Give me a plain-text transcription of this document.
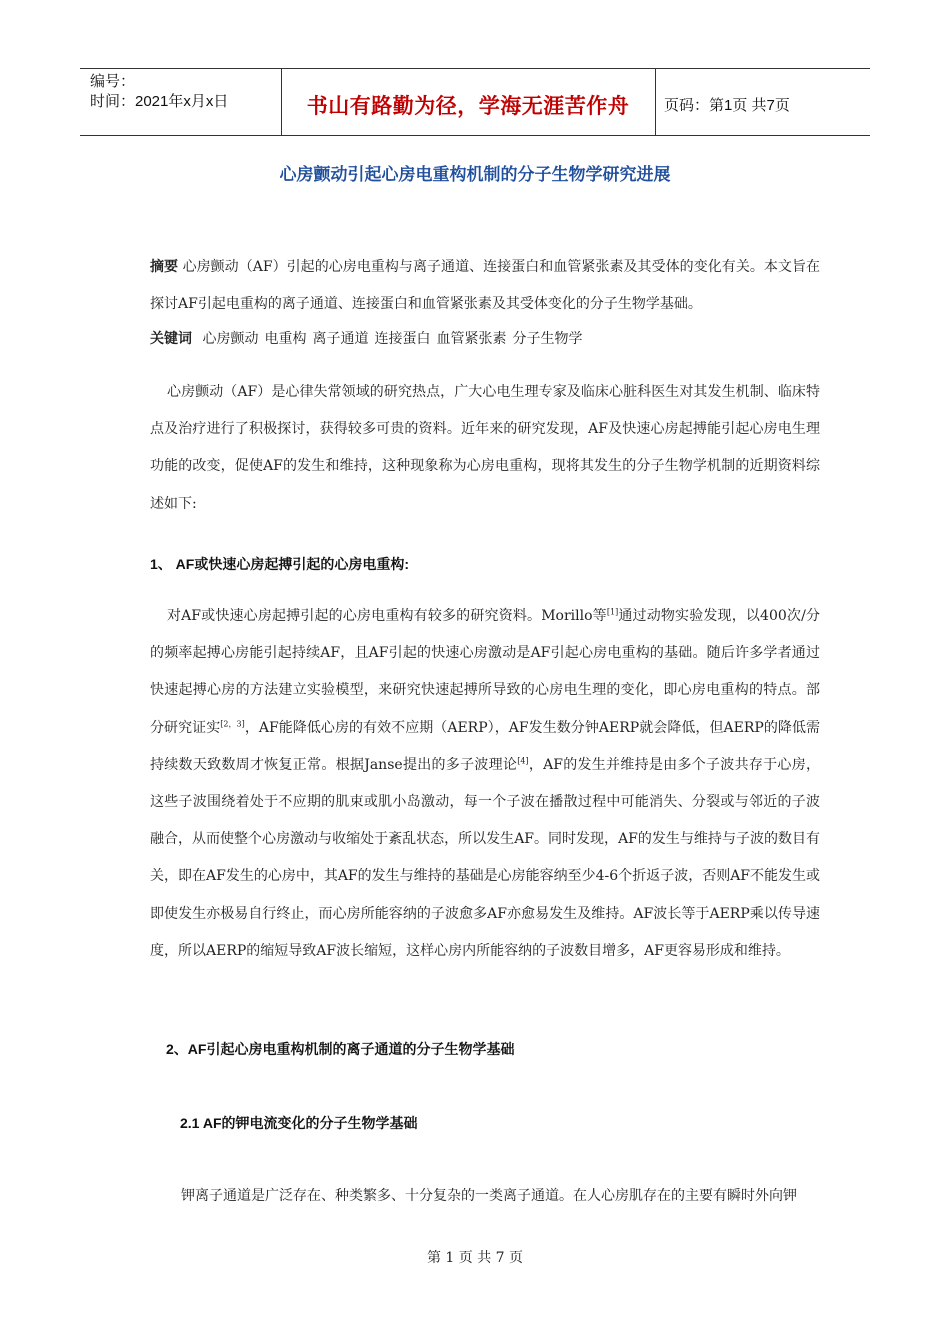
编号：
时间：2021年x月x日	书山有路勤为径，学海无涯苦作舟	页码：第1页 共7页
心房颤动引起心房电重构机制的分子生物学研究进展

摘要 心房颤动（AF）引起的心房电重构与离子通道、连接蛋白和血管紧张素及其受体的变化有关。本文旨在探讨AF引起电重构的离子通道、连接蛋白和血管紧张素及其受体变化的分子生物学基础。

关键词 心房颤动 电重构 离子通道 连接蛋白 血管紧张素 分子生物学

心房颤动（AF）是心律失常领域的研究热点，广大心电生理专家及临床心脏科医生对其发生机制、临床特点及治疗进行了积极探讨，获得较多可贵的资料。近年来的研究发现，AF及快速心房起搏能引起心房电生理功能的改变，促使AF的发生和维持，这种现象称为心房电重构，现将其发生的分子生物学机制的近期资料综述如下:

1、 AF或快速心房起搏引起的心房电重构:

对AF或快速心房起搏引起的心房电重构有较多的研究资料。Morillo等[1]通过动物实验发现，以400次/分的频率起搏心房能引起持续AF，且AF引起的快速心房激动是AF引起心房电重构的基础。随后许多学者通过快速起搏心房的方法建立实验模型，来研究快速起搏所导致的心房电生理的变化，即心房电重构的特点。部分研究证实[2，3]，AF能降低心房的有效不应期（AERP），AF发生数分钟AERP就会降低，但AERP的降低需持续数天致数周才恢复正常。根据Janse提出的多子波理论[4]，AF的发生并维持是由多个子波共存于心房，这些子波围绕着处于不应期的肌束或肌小岛激动，每一个子波在播散过程中可能消失、分裂或与邻近的子波融合，从而使整个心房激动与收缩处于紊乱状态，所以发生AF。同时发现，AF的发生与维持与子波的数目有关，即在AF发生的心房中，其AF的发生与维持的基础是心房能容纳至少4-6个折返子波，否则AF不能发生或即使发生亦极易自行终止，而心房所能容纳的子波愈多AF亦愈易发生及维持。AF波长等于AERP乘以传导速度，所以AERP的缩短导致AF波长缩短，这样心房内所能容纳的子波数目增多，AF更容易形成和维持。

2、AF引起心房电重构机制的离子通道的分子生物学基础
2.1 AF的钾电流变化的分子生物学基础

钾离子通道是广泛存在、种类繁多、十分复杂的一类离子通道。在人心房肌存在的主要有瞬时外向钾

第 1 页 共 7 页
